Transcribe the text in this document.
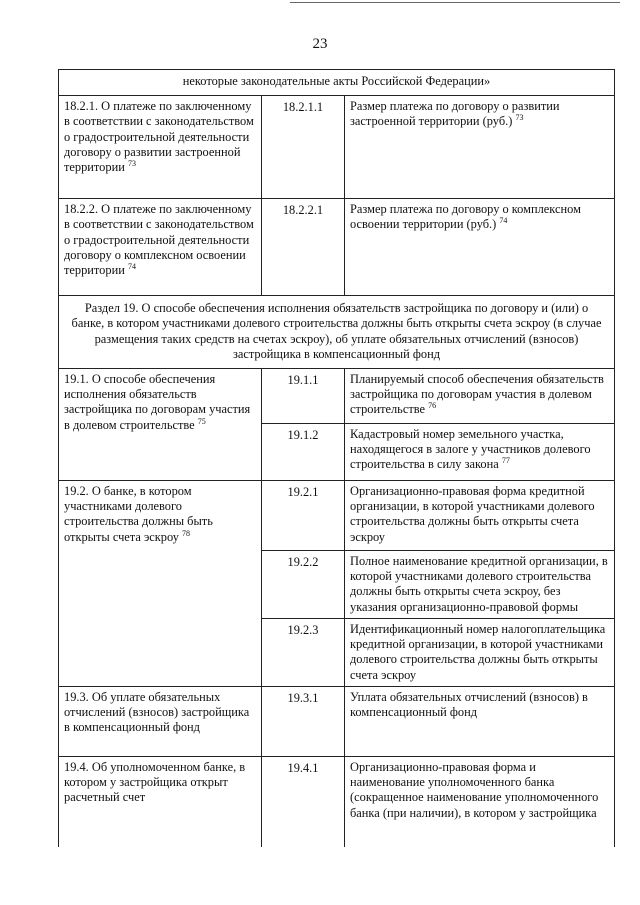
23
некоторые законодательные акты Российской Федерации»		
18.2.1. О платеже по заключенному в соответствии с законодательством о градостроительной деятельности договору о развитии застроенной территории $^{73}$	18.2.1.1	Размер платежа по договору о развитии застроенной территории (руб.) $^{73}$
18.2.2. О платеже по заключенному в соответствии с законодательством о градостроительной деятельности договору о комплексном освоении территории $^{74}$	18.2.2.1	Размер платежа по договору о комплексном освоении территории (руб.) $^{74}$
Раздел 19. О способе обеспечения исполнения обязательств застройщика по договору и (или) о банке, в котором участниками долевого строительства должны быть открыты счета эскроу (в случае размещения таких средств на счетах эскроу), об уплате обязательных отчислений (взносов) застройщика в компенсационный фонд		
19.1. О способе обеспечения исполнения обязательств застройщика по договорам участия в долевом строительстве $^{75}$	19.1.1	Планируемый способ обеспечения обязательств застройщика по договорам участия в долевом строительстве $^{76}$
	19.1.2	Кадастровый номер земельного участка, находящегося в залоге у участников долевого строительства в силу закона $^{77}$
19.2. О банке, в котором участниками долевого строительства должны быть открыты счета эскроу $^{78}$	19.2.1	Организационно-правовая форма кредитной организации, в которой участниками долевого строительства должны быть открыты счета эскроу
	19.2.2	Полное наименование кредитной организации, в которой участниками долевого строительства должны быть открыты счета эскроу, без указания организационно-правовой формы
	19.2.3	Идентификационный номер налогоплательщика кредитной организации, в которой участниками долевого строительства должны быть открыты счета эскроу
19.3. Об уплате обязательных отчислений (взносов) застройщика в компенсационный фонд	19.3.1	Уплата обязательных отчислений (взносов) в компенсационный фонд
19.4. Об уполномоченном банке, в котором у застройщика открыт расчетный счет	19.4.1	Организационно-правовая форма и наименование уполномоченного банка (сокращенное наименование уполномоченного банка (при наличии), в котором у застройщика
